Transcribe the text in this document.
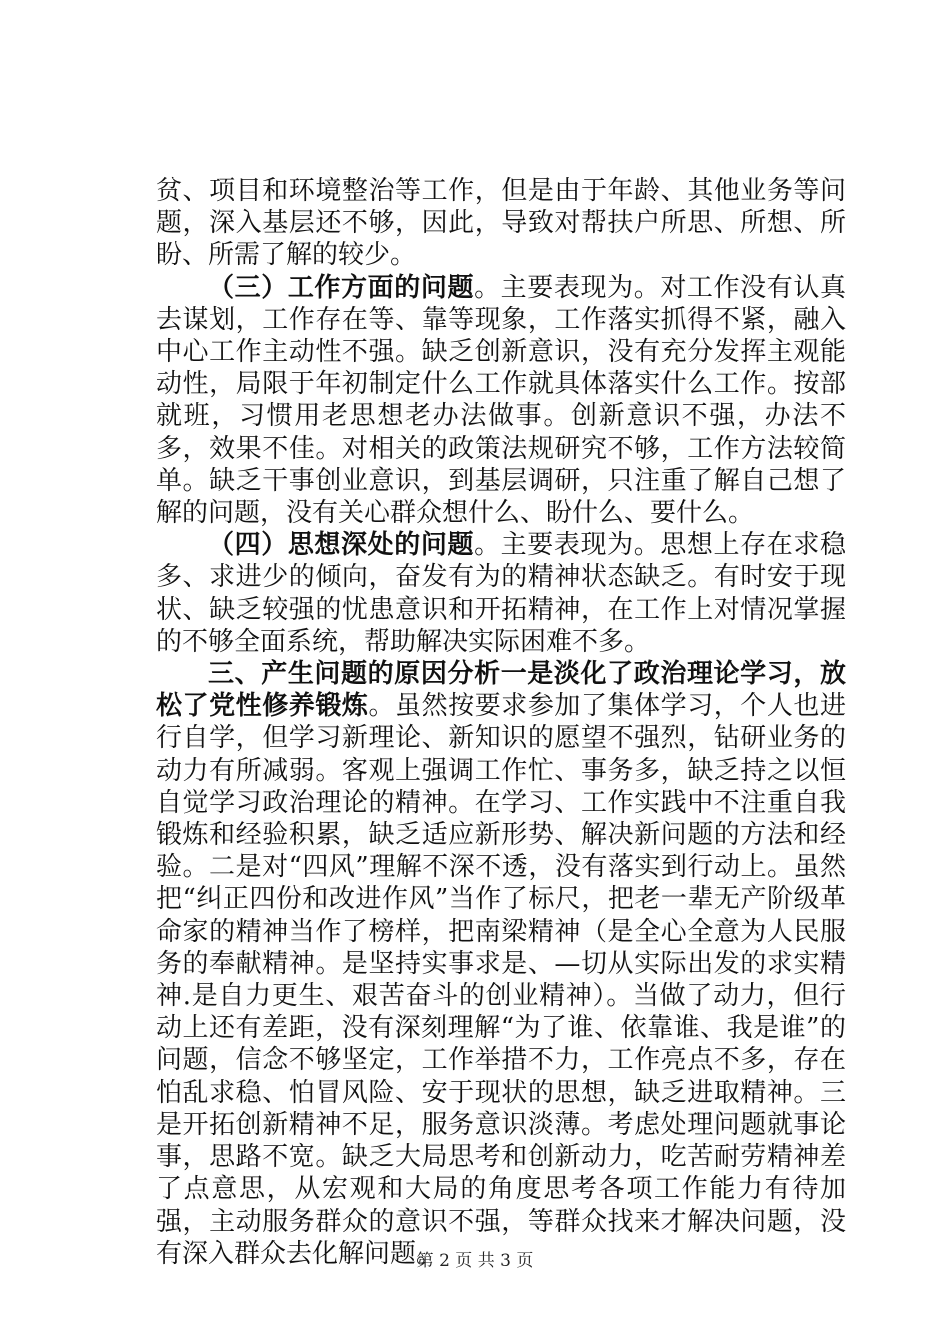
贫、项目和环境整治等工作，但是由于年龄、其他业务等问题，深入基层还不够，因此，导致对帮扶户所思、所想、所盼、所需了解的较少。

（三）工作方面的问题。主要表现为。对工作没有认真去谋划，工作存在等、靠等现象，工作落实抓得不紧，融入中心工作主动性不强。缺乏创新意识，没有充分发挥主观能动性，局限于年初制定什么工作就具体落实什么工作。按部就班，习惯用老思想老办法做事。创新意识不强，办法不多，效果不佳。对相关的政策法规研究不够，工作方法较简单。缺乏干事创业意识，到基层调研，只注重了解自己想了解的问题，没有关心群众想什么、盼什么、要什么。

（四）思想深处的问题。主要表现为。思想上存在求稳多、求进少的倾向，奋发有为的精神状态缺乏。有时安于现状、缺乏较强的忧患意识和开拓精神，在工作上对情况掌握的不够全面系统，帮助解决实际困难不多。

三、产生问题的原因分析一是淡化了政治理论学习，放松了党性修养锻炼。虽然按要求参加了集体学习，个人也进行自学，但学习新理论、新知识的愿望不强烈，钻研业务的动力有所减弱。客观上强调工作忙、事务多，缺乏持之以恒自觉学习政治理论的精神。在学习、工作实践中不注重自我锻炼和经验积累，缺乏适应新形势、解决新问题的方法和经验。二是对“四风”理解不深不透，没有落实到行动上。虽然把“纠正四份和改进作风”当作了标尺，把老一辈无产阶级革命家的精神当作了榜样，把南梁精神（是全心全意为人民服务的奉献精神。是坚持实事求是、—切从实际出发的求实精神.是自力更生、艰苦奋斗的创业精神）。当做了动力，但行动上还有差距，没有深刻理解“为了谁、依靠谁、我是谁”的问题，信念不够坚定，工作举措不力，工作亮点不多，存在怕乱求稳、怕冒风险、安于现状的思想，缺乏进取精神。三是开拓创新精神不足，服务意识淡薄。考虑处理问题就事论事，思路不宽。缺乏大局思考和创新动力，吃苦耐劳精神差了点意思，从宏观和大局的角度思考各项工作能力有待加强，主动服务群众的意识不强，等群众找来才解决问题，没有深入群众去化解问题。

第 2 页 共 3 页
